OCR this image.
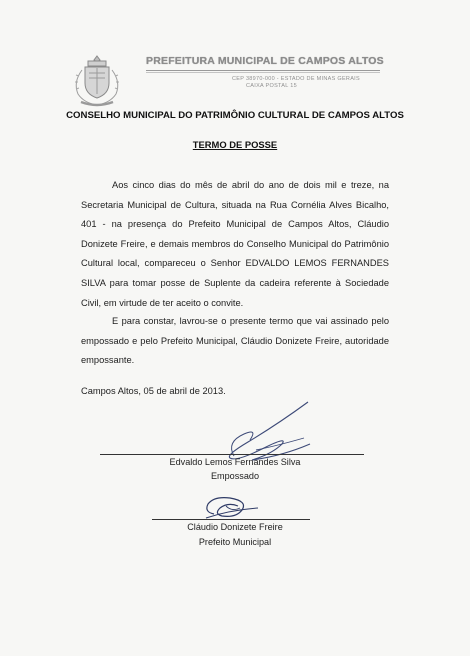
PREFEITURA MUNICIPAL DE CAMPOS ALTOS
CEP 38970-000 - ESTADO DE MINAS GERAIS
CAIXA POSTAL 15
CONSELHO MUNICIPAL DO PATRIMÔNIO CULTURAL DE CAMPOS ALTOS
TERMO DE POSSE
Aos cinco dias do mês de abril do ano de dois mil e treze, na Secretaria Municipal de Cultura, situada na Rua Cornélia Alves Bicalho, 401 - na presença do Prefeito Municipal de Campos Altos, Cláudio Donizete Freire, e demais membros do Conselho Municipal do Patrimônio Cultural local, compareceu o Senhor EDVALDO LEMOS FERNANDES SILVA para tomar posse de Suplente da cadeira referente à Sociedade Civil, em virtude de ter aceito o convite.
E para constar, lavrou-se o presente termo que vai assinado pelo empossado e pelo Prefeito Municipal, Cláudio Donizete Freire, autoridade empossante.
Campos Altos, 05 de abril de 2013.
Edvaldo Lemos Fernandes Silva
Empossado
Cláudio Donizete Freire
Prefeito Municipal
